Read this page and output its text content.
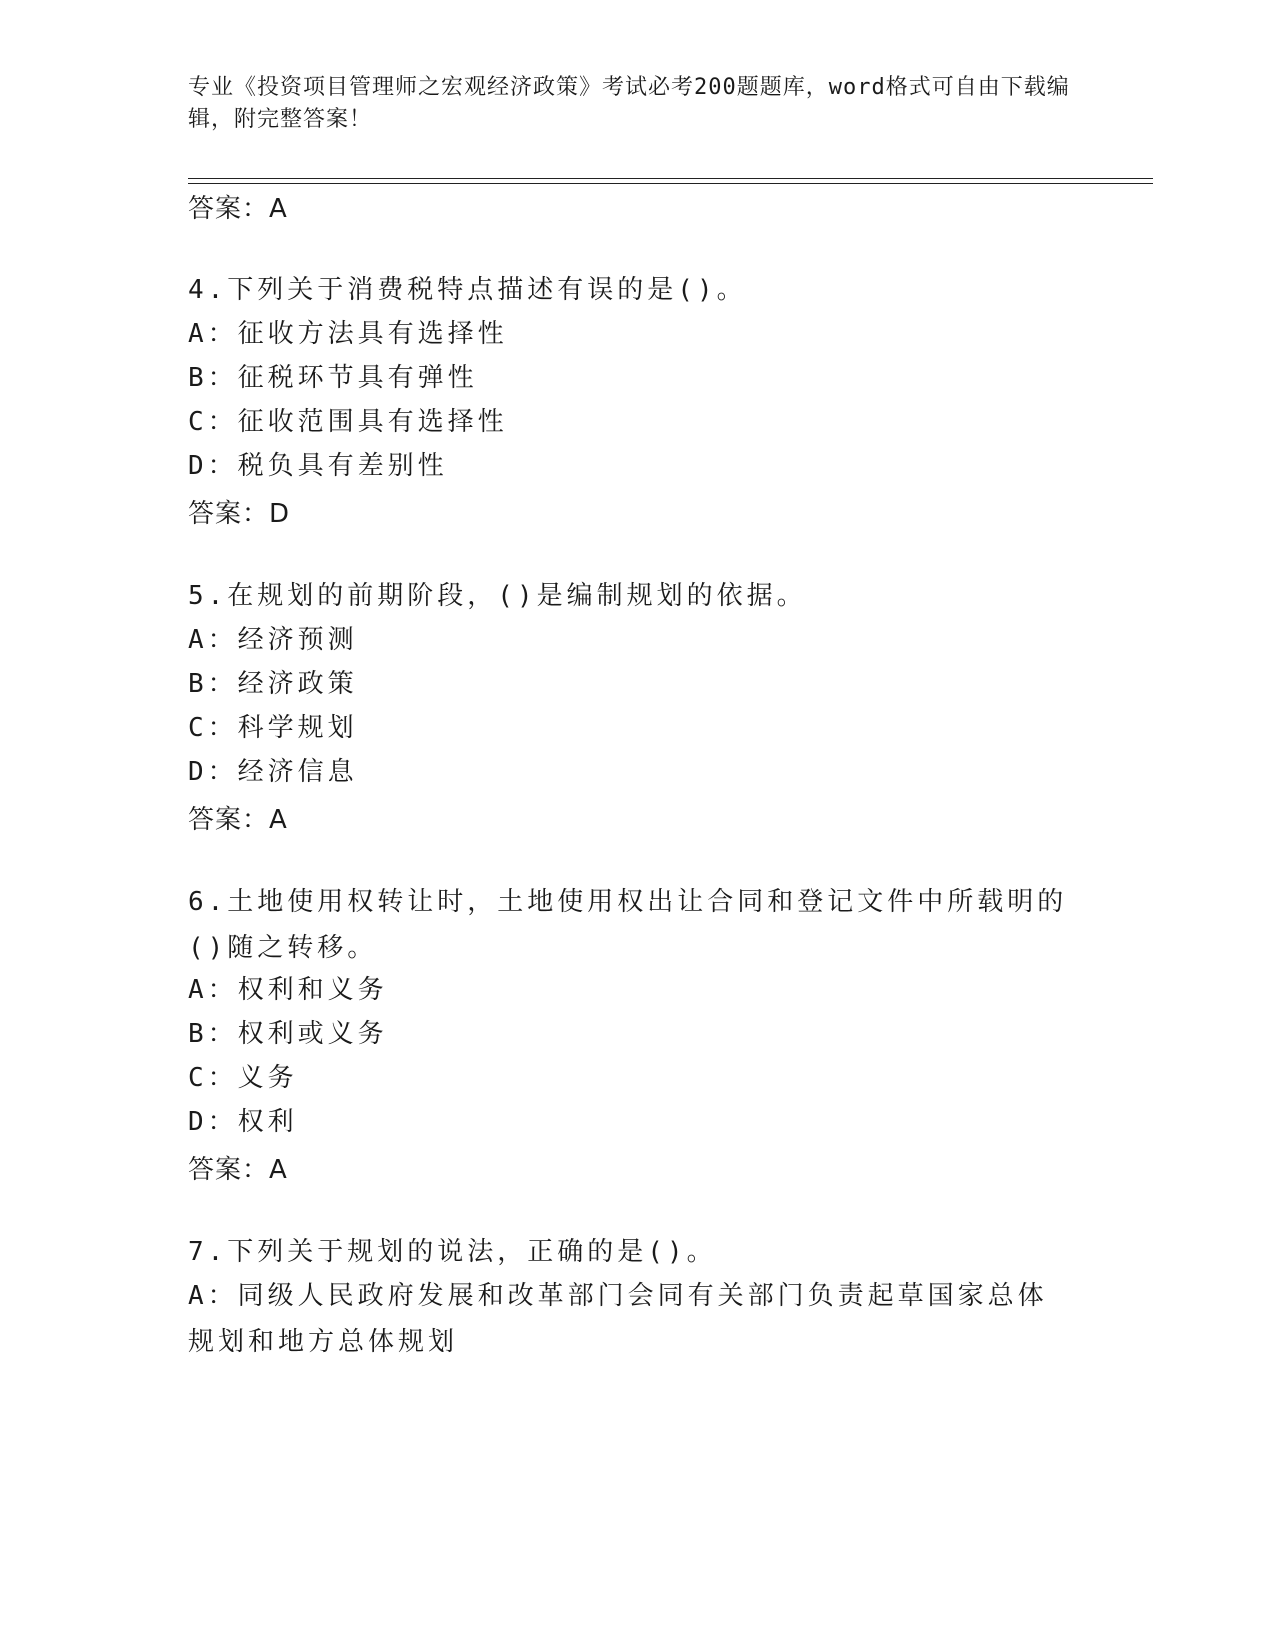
专业《投资项目管理师之宏观经济政策》考试必考200题题库，word格式可自由下载编辑，附完整答案！
答案：A
4.下列关于消费税特点描述有误的是()。
A：征收方法具有选择性
B：征税环节具有弹性
C：征收范围具有选择性
D：税负具有差别性
答案：D
5.在规划的前期阶段，()是编制规划的依据。
A：经济预测
B：经济政策
C：科学规划
D：经济信息
答案：A
6.土地使用权转让时，土地使用权出让合同和登记文件中所载明的()随之转移。
A：权利和义务
B：权利或义务
C：义务
D：权利
答案：A
7.下列关于规划的说法，正确的是()。
A：同级人民政府发展和改革部门会同有关部门负责起草国家总体规划和地方总体规划
